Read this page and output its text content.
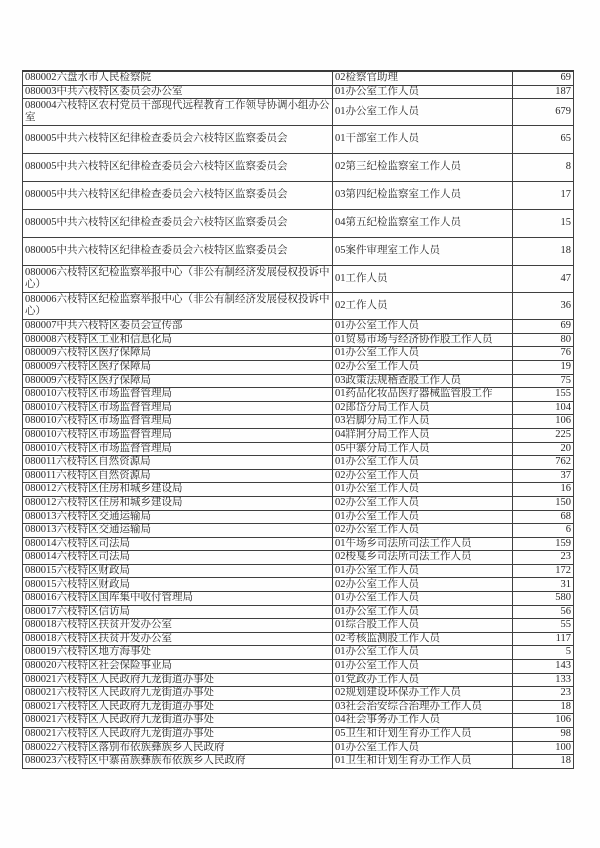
080002六盘水市人民检察院	02检察官助理	69
080003中共六枝特区委员会办公室	01办公室工作人员	187
080004六枝特区农村党员干部现代远程教育工作领导协调小组办公室	01办公室工作人员	679
080005中共六枝特区纪律检查委员会六枝特区监察委员会	01干部室工作人员	65
080005中共六枝特区纪律检查委员会六枝特区监察委员会	02第三纪检监察室工作人员	8
080005中共六枝特区纪律检查委员会六枝特区监察委员会	03第四纪检监察室工作人员	17
080005中共六枝特区纪律检查委员会六枝特区监察委员会	04第五纪检监察室工作人员	15
080005中共六枝特区纪律检查委员会六枝特区监察委员会	05案件审理室工作人员	18
080006六枝特区纪检监察举报中心（非公有制经济发展侵权投诉中心）	01工作人员	47
080006六枝特区纪检监察举报中心（非公有制经济发展侵权投诉中心）	02工作人员	36
080007中共六枝特区委员会宣传部	01办公室工作人员	69
080008六枝特区工业和信息化局	01贸易市场与经济协作股工作人员	80
080009六枝特区医疗保障局	01办公室工作人员	76
080009六枝特区医疗保障局	02办公室工作人员	19
080009六枝特区医疗保障局	03政策法规稽查股工作人员	75
080010六枝特区市场监督管理局	01药品化妆品医疗器械监管股工作	155
080010六枝特区市场监督管理局	02郎岱分局工作人员	104
080010六枝特区市场监督管理局	03岩脚分局工作人员	106
080010六枝特区市场监督管理局	04牂牁分局工作人员	225
080010六枝特区市场监督管理局	05中寨分局工作人员	20
080011六枝特区自然资源局	01办公室工作人员	762
080011六枝特区自然资源局	02办公室工作人员	37
080012六枝特区住房和城乡建设局	01办公室工作人员	16
080012六枝特区住房和城乡建设局	02办公室工作人员	150
080013六枝特区交通运输局	01办公室工作人员	68
080013六枝特区交通运输局	02办公室工作人员	6
080014六枝特区司法局	01牛场乡司法所司法工作人员	159
080014六枝特区司法局	02梭戛乡司法所司法工作人员	23
080015六枝特区财政局	01办公室工作人员	172
080015六枝特区财政局	02办公室工作人员	31
080016六枝特区国库集中收付管理局	01办公室工作人员	580
080017六枝特区信访局	01办公室工作人员	56
080018六枝特区扶贫开发办公室	01综合股工作人员	55
080018六枝特区扶贫开发办公室	02考核监测股工作人员	117
080019六枝特区地方海事处	01办公室工作人员	5
080020六枝特区社会保险事业局	01办公室工作人员	143
080021六枝特区人民政府九龙街道办事处	01党政办工作人员	133
080021六枝特区人民政府九龙街道办事处	02规划建设环保办工作人员	23
080021六枝特区人民政府九龙街道办事处	03社会治安综合治理办工作人员	18
080021六枝特区人民政府九龙街道办事处	04社会事务办工作人员	106
080021六枝特区人民政府九龙街道办事处	05卫生和计划生育办工作人员	98
080022六枝特区落别布依族彝族乡人民政府	01办公室工作人员	100
080023六枝特区中寨苗族彝族布依族乡人民政府	01卫生和计划生育办工作人员	18
